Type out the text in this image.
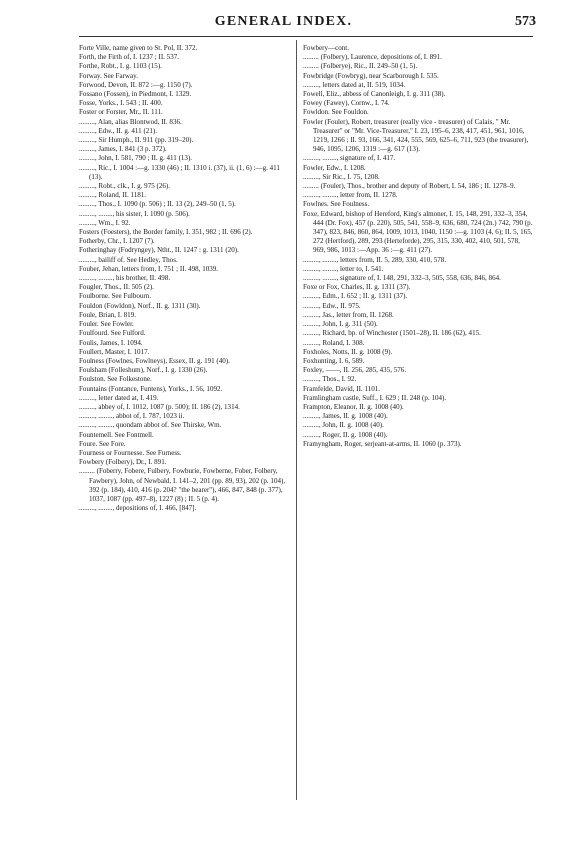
GENERAL INDEX.	573

Forte Ville, name given to St. Pol, II. 372.

Forth, the Firth of, I. 1237 ; II. 537.

Forthe, Robt., I. g. 1103 (15).

Forway. See Farway.

Forwood, Devon, II. 872 :—g. 1150 (7).

Fossano (Fossen), in Piedmont, I. 1329.

Fosse, Yorks., I. 543 ; II. 400.

Foster or Forster, Mr., II. 111.

........., Alan, alias Blontwod, II. 836.

........., Edw., II. g. 411 (21).

........., Sir Humph., II. 911 (pp. 319–20).

........., James, I. 841 (3 p. 372).

........., John, I. 581, 790 ; II. g. 411 (13).

........., Ric., I. 1004 :—g. 1330 (46) ; II. 1310 i. (37), ii. (1, 6) :—g. 411 (13).

........., Robt., clk., I. g. 975 (26).

........., Roland, II. 1181.

........., Thos., I. 1090 (p. 506) ; II. 13 (2), 249–50 (1, 5).

........., ........, his sister, I. 1090 (p. 506).

........., Wm., I. 92.

Fosters (Foesters), the Border family, I. 351, 982 ; II. 696 (2).

Fotherby, Chr., I. 1207 (7).

Fotheringhay (Fodryngey), Ntht., II. 1247 : g. 1311 (20).

........., bailiff of. See Hedley, Thos.

Fouber, Jehan, letters from, I. 751 ; II. 498, 1039.

........., ........, his brother, II. 498.

Fougler, Thos., II. 505 (2).

Foulborne. See Fulbourn.

Fouldon (Fowldon), Norf., II. g. 1311 (30).

Foule, Brian, I. 819.

Fouler. See Fowler.

Foulfourd. See Fulford.

Foulis, James, I. 1094.

Foullert, Master, I. 1017.

Foulness (Fowlnes, Fowlneys), Essex, II. g. 191 (40).

Foulsham (Folleshum), Norf., I. g. 1330 (26).

Foulston. See Folkestone.

Fountains (Fontance, Funtens), Yorks., I. 56, 1092.

........., letter dated at, I. 419.

........., abbey of, I. 1012, 1087 (p. 500); II. 186 (2), 1314.

........., ........, abbot of, I. 787, 1023 ii.

........., ........, quondam abbot of. See Thirske, Wm.

Fountemell. See Fontmell.

Foure. See Fore.

Fourness or Fournesse. See Furness.

Fowbery (Folbery), Dr., I. 891.

......... (Foberry, Fobere, Fulbery, Fowburie, Fowberne, Fober, Folbery, Fawbery), John, of Newbald, I. 141–2, 201 (pp. 89, 93), 202 (p. 104), 392 (p. 184), 410, 416 (p. 204? "the bearer"), 466, 847, 848 (p. 377), 1037, 1087 (pp. 497–8), 1227 (8) ; II. 5 (p. 4).

........., ........, depositions of, I. 466, [847].

Fowbery—cont.

......... (Folbery), Laurence, depositions of, I. 891.

......... (Folberye), Ric., II. 249–50 (1, 5).

Fowbridge (Fowbryg), near Scarborough I. 535.

........., letters dated at, II. 519, 1034.

Fowell, Eliz., abbess of Canonleigh, I. g. 311 (38).

Fowey (Fawey), Cornw., I. 74.

Fowldon. See Fouldon.

Fowler (Fouler), Robert, treasurer (really vice - treasurer) of Calais, " Mr. Treasurer" or "Mr. Vice-Treasurer," I. 23, 195–6, 238, 417, 451, 961, 1016, 1219, 1266 ; II. 93, 166, 341, 424, 555, 569, 625–6, 711, 923 (the treasurer), 946, 1095, 1206, 1319 :—g. 617 (13).

........., ........, signature of, I. 417.

Fowler, Edw., I. 1208.

........., Sir Ric., I. 75, 1208.

......... (Fouler), Thos., brother and deputy of Robert, I. 54, 186 ; II. 1278–9.

........., ........, letter from, II. 1278.

Fowlnes. See Foulness.

Foxe, Edward, bishop of Hereford, King's almoner, I. 15, 148, 291, 332–3, 354, 444 (Dr. Fox), 457 (p. 220), 505, 541, 558–9, 636, 680, 724 (2n.) 742, 790 (p. 347), 823, 846, 860, 864, 1009, 1013, 1040, 1150 :—g. 1103 (4, 6); II. 5, 165, 272 (Hertford), 289, 293 (Herteforde), 295, 315, 330, 402, 410, 501, 578, 969, 986, 1013 :—App. 36 :—g. 411 (27).

........., ........, letters from, II. 5, 289, 330, 410, 578.

........., ........, letter to, I. 541.

........., ........, signature of, I. 148, 291, 332–3, 505, 558, 636, 846, 864.

Foxe or Fox, Charles, II. g. 1311 (37).

........., Edm., I. 652 ; II. g. 1311 (37).

........., Edw., II. 975.

........., Jas., letter from, II. 1268.

........., John, I. g. 311 (50).

........., Richard, bp. of Winchester (1501–28), II. 186 (62), 415.

........., Roland, I. 308.

Foxholes, Notts, II. g. 1008 (9).

Foxhunting, I. 6, 589.

Foxley, ——, II. 256, 285, 435, 576.

........., Thos., I. 92.

Framfelde, David, II. 1101.

Framlingham castle, Suff., I. 629 ; II. 248 (p. 104).

Frampton, Eleanor, II. g. 1008 (40).

........., James, II. g. 1008 (40).

........., John, II. g. 1008 (40).

........., Roger, II. g. 1008 (40).

Framyngham, Roger, serjeant-at-arms, II. 1060 (p. 373).
